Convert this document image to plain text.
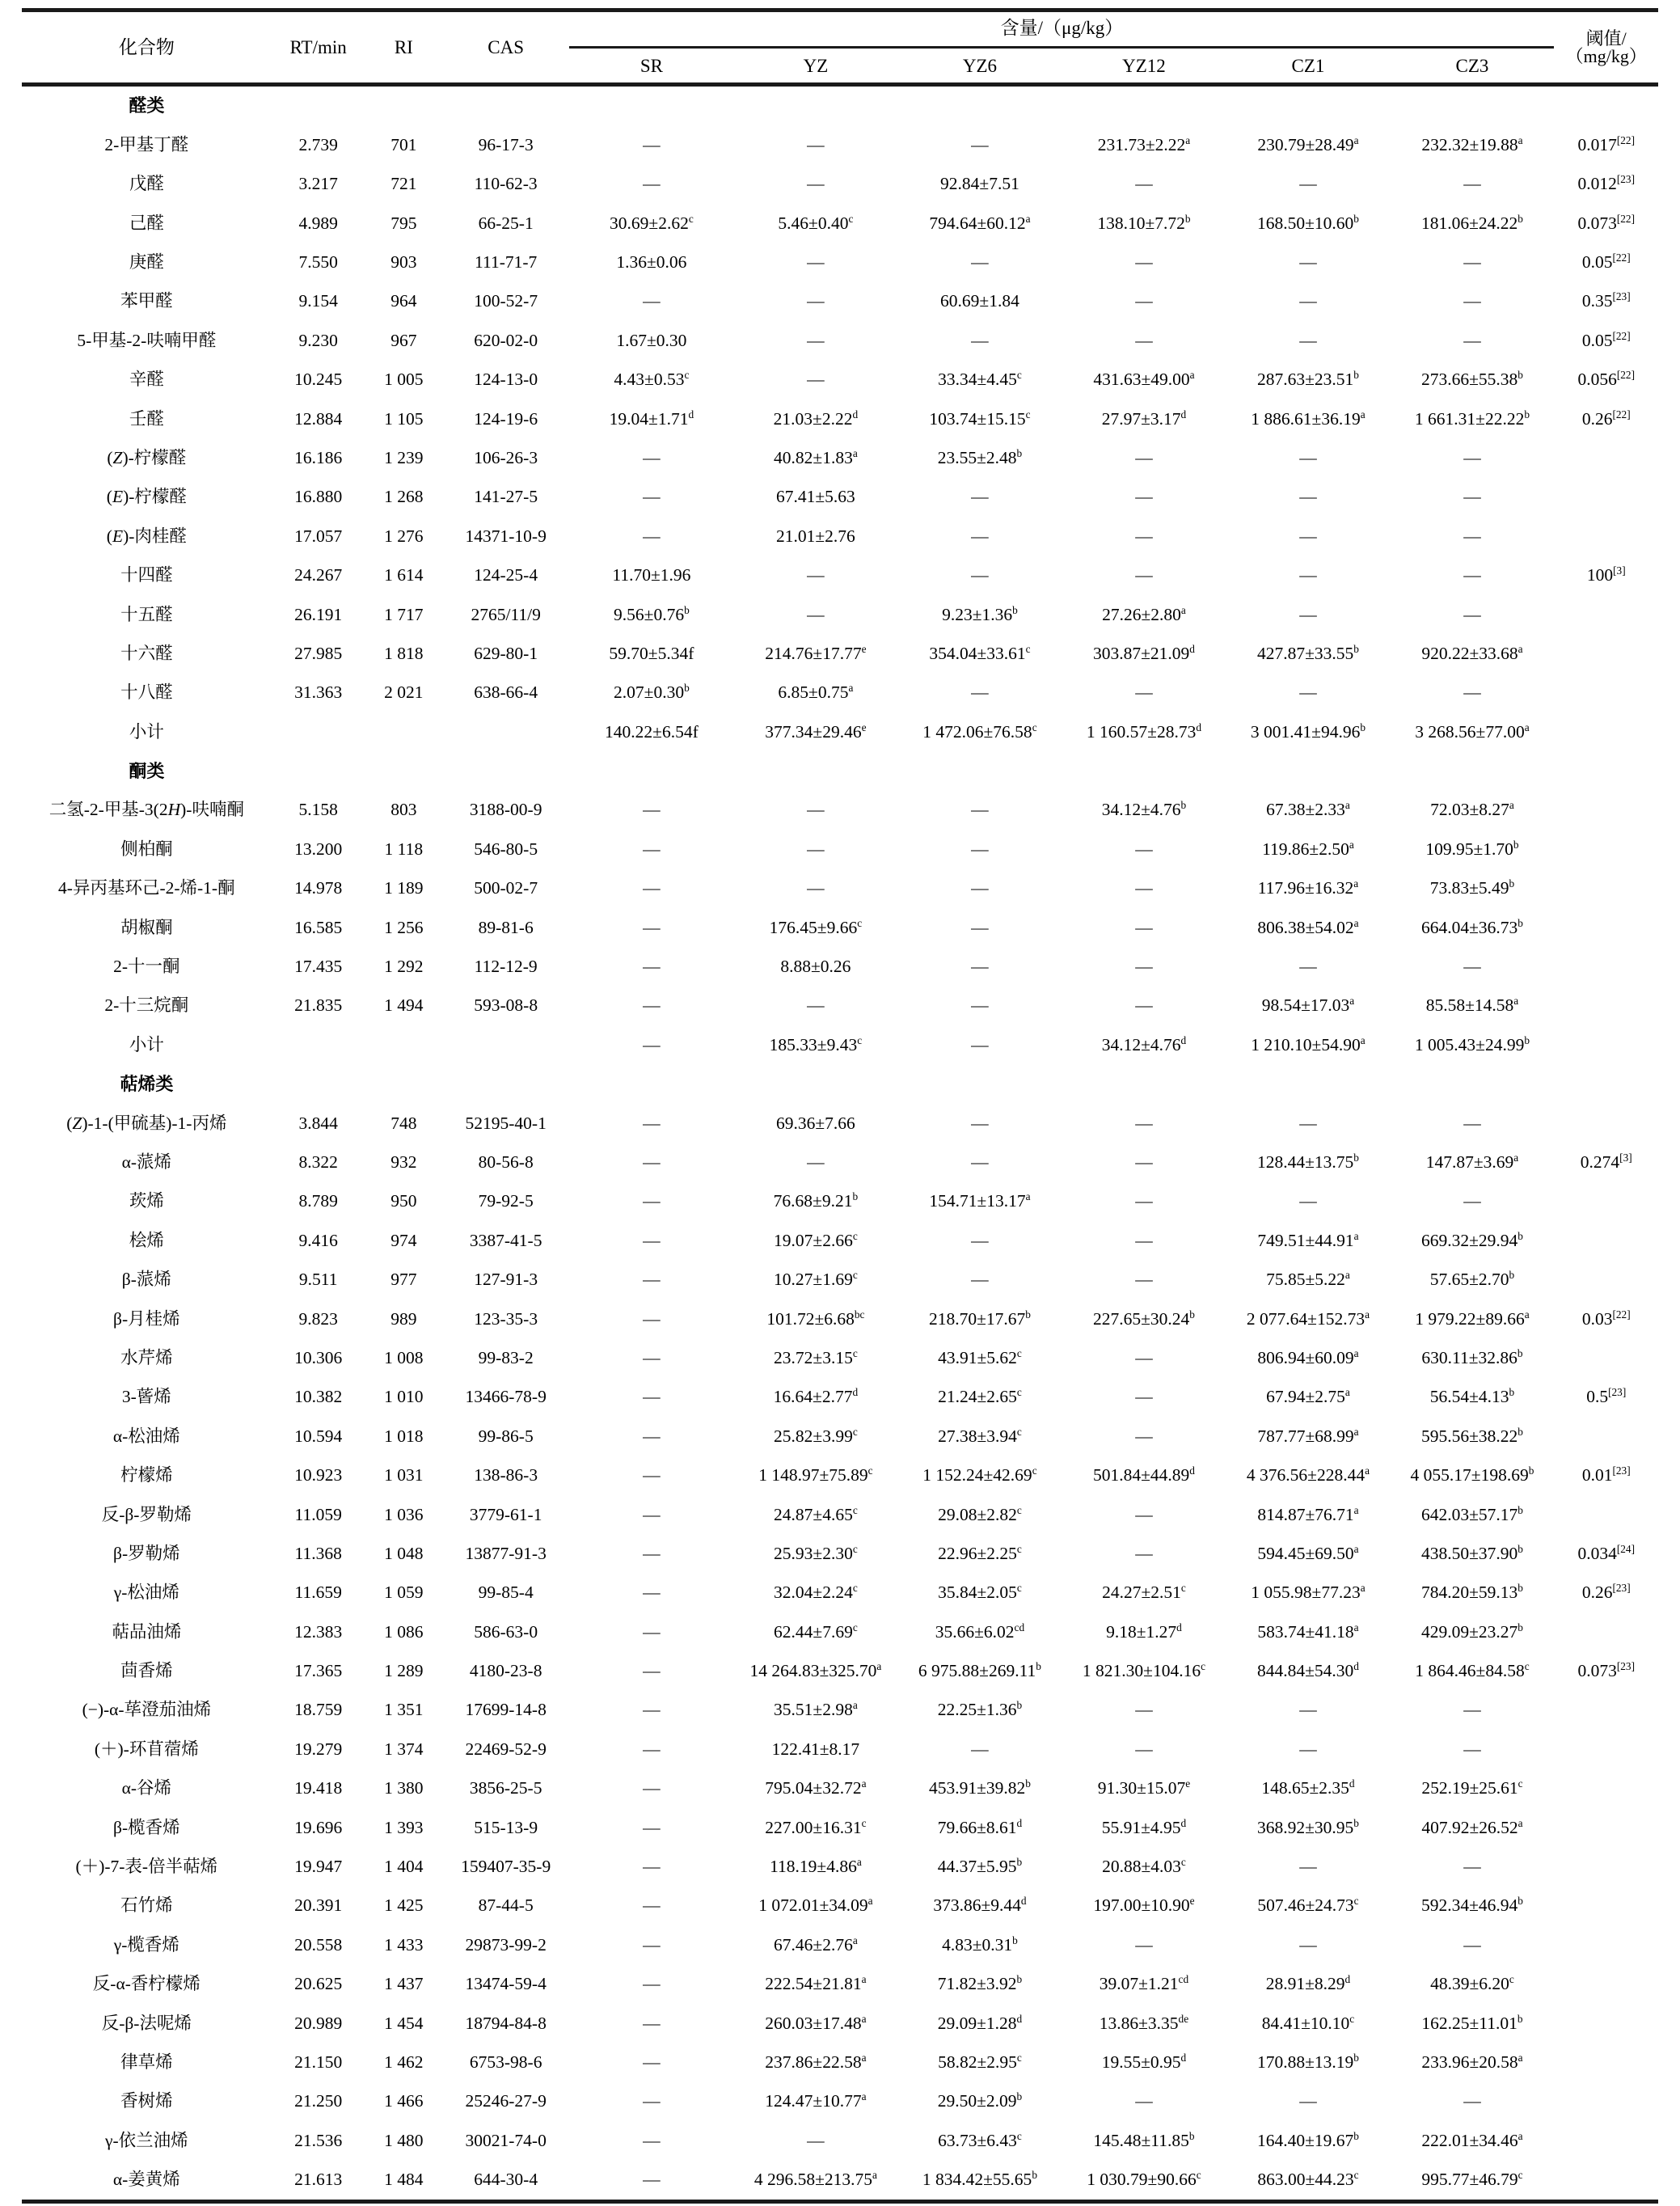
化合物	RT/min	RI	CAS	含量/（μg/kg）						阈值/
（mg/kg）

				SR	YZ	YZ6	YZ12	CZ1	CZ3	

醛类										
2-甲基丁醛	2.739	701	96-17-3	—	—	—	231.73±2.22$^a$	230.79±28.49$^a$	232.32±19.88$^a$	0.017[22]
戊醛	3.217	721	110-62-3	—	—	92.84±7.51	—	—	—	0.012[23]
己醛	4.989	795	66-25-1	30.69±2.62$^c$	5.46±0.40$^c$	794.64±60.12$^a$	138.10±7.72$^b$	168.50±10.60$^b$	181.06±24.22$^b$	0.073[22]
庚醛	7.550	903	111-71-7	1.36±0.06	—	—	—	—	—	0.05[22]
苯甲醛	9.154	964	100-52-7	—	—	60.69±1.84	—	—	—	0.35[23]
5-甲基-2-呋喃甲醛	9.230	967	620-02-0	1.67±0.30	—	—	—	—	—	0.05[22]
辛醛	10.245	1 005	124-13-0	4.43±0.53$^c$	—	33.34±4.45$^c$	431.63±49.00$^a$	287.63±23.51$^b$	273.66±55.38$^b$	0.056[22]
壬醛	12.884	1 105	124-19-6	19.04±1.71$^d$	21.03±2.22$^d$	103.74±15.15$^c$	27.97±3.17$^d$	1 886.61±36.19$^a$	1 661.31±22.22$^b$	0.26[22]
(Z)-柠檬醛	16.186	1 239	106-26-3	—	40.82±1.83$^a$	23.55±2.48$^b$	—	—	—	
(E)-柠檬醛	16.880	1 268	141-27-5	—	67.41±5.63	—	—	—	—	
(E)-肉桂醛	17.057	1 276	14371-10-9	—	21.01±2.76	—	—	—	—	
十四醛	24.267	1 614	124-25-4	11.70±1.96	—	—	—	—	—	100[3]
十五醛	26.191	1 717	2765/11/9	9.56±0.76$^b$	—	9.23±1.36$^b$	27.26±2.80$^a$	—	—	
十六醛	27.985	1 818	629-80-1	59.70±5.34f	214.76±17.77$^e$	354.04±33.61$^c$	303.87±21.09$^d$	427.87±33.55$^b$	920.22±33.68$^a$	
十八醛	31.363	2 021	638-66-4	2.07±0.30$^b$	6.85±0.75$^a$	—	—	—	—	
小计				140.22±6.54f	377.34±29.46$^e$	1 472.06±76.58$^c$	1 160.57±28.73$^d$	3 001.41±94.96$^b$	3 268.56±77.00$^a$	
酮类										
二氢-2-甲基-3(2H)-呋喃酮	5.158	803	3188-00-9	—	—	—	34.12±4.76$^b$	67.38±2.33$^a$	72.03±8.27$^a$	
侧柏酮	13.200	1 118	546-80-5	—	—	—	—	119.86±2.50$^a$	109.95±1.70$^b$	
4-异丙基环己-2-烯-1-酮	14.978	1 189	500-02-7	—	—	—	—	117.96±16.32$^a$	73.83±5.49$^b$	
胡椒酮	16.585	1 256	89-81-6	—	176.45±9.66$^c$	—	—	806.38±54.02$^a$	664.04±36.73$^b$	
2-十一酮	17.435	1 292	112-12-9	—	8.88±0.26	—	—	—	—	
2-十三烷酮	21.835	1 494	593-08-8	—	—	—	—	98.54±17.03$^a$	85.58±14.58$^a$	
小计				—	185.33±9.43$^c$	—	34.12±4.76$^d$	1 210.10±54.90$^a$	1 005.43±24.99$^b$	
萜烯类										
(Z)-1-(甲硫基)-1-丙烯	3.844	748	52195-40-1	—	69.36±7.66	—	—	—	—	
α-蒎烯	8.322	932	80-56-8	—	—	—	—	128.44±13.75$^b$	147.87±3.69$^a$	0.274[3]
莰烯	8.789	950	79-92-5	—	76.68±9.21$^b$	154.71±13.17$^a$	—	—	—	
桧烯	9.416	974	3387-41-5	—	19.07±2.66$^c$	—	—	749.51±44.91$^a$	669.32±29.94$^b$	
β-蒎烯	9.511	977	127-91-3	—	10.27±1.69$^c$	—	—	75.85±5.22$^a$	57.65±2.70$^b$	
β-月桂烯	9.823	989	123-35-3	—	101.72±6.68$^{bc}$	218.70±17.67$^b$	227.65±30.24$^b$	2 077.64±152.73$^a$	1 979.22±89.66$^a$	0.03[22]
水芹烯	10.306	1 008	99-83-2	—	23.72±3.15$^c$	43.91±5.62$^c$	—	806.94±60.09$^a$	630.11±32.86$^b$	
3-蒈烯	10.382	1 010	13466-78-9	—	16.64±2.77$^d$	21.24±2.65$^c$	—	67.94±2.75$^a$	56.54±4.13$^b$	0.5[23]
α-松油烯	10.594	1 018	99-86-5	—	25.82±3.99$^c$	27.38±3.94$^c$	—	787.77±68.99$^a$	595.56±38.22$^b$	
柠檬烯	10.923	1 031	138-86-3	—	1 148.97±75.89$^c$	1 152.24±42.69$^c$	501.84±44.89$^d$	4 376.56±228.44$^a$	4 055.17±198.69$^b$	0.01[23]
反-β-罗勒烯	11.059	1 036	3779-61-1	—	24.87±4.65$^c$	29.08±2.82$^c$	—	814.87±76.71$^a$	642.03±57.17$^b$	
β-罗勒烯	11.368	1 048	13877-91-3	—	25.93±2.30$^c$	22.96±2.25$^c$	—	594.45±69.50$^a$	438.50±37.90$^b$	0.034[24]
γ-松油烯	11.659	1 059	99-85-4	—	32.04±2.24$^c$	35.84±2.05$^c$	24.27±2.51$^c$	1 055.98±77.23$^a$	784.20±59.13$^b$	0.26[23]
萜品油烯	12.383	1 086	586-63-0	—	62.44±7.69$^c$	35.66±6.02$^{cd}$	9.18±1.27$^d$	583.74±41.18$^a$	429.09±23.27$^b$	
茴香烯	17.365	1 289	4180-23-8	—	14 264.83±325.70$^a$	6 975.88±269.11$^b$	1 821.30±104.16$^c$	844.84±54.30$^d$	1 864.46±84.58$^c$	0.073[23]
(−)-α-荜澄茄油烯	18.759	1 351	17699-14-8	—	35.51±2.98$^a$	22.25±1.36$^b$	—	—	—	
(＋)-环苜蓿烯	19.279	1 374	22469-52-9	—	122.41±8.17	—	—	—	—	
α-谷烯	19.418	1 380	3856-25-5	—	795.04±32.72$^a$	453.91±39.82$^b$	91.30±15.07$^e$	148.65±2.35$^d$	252.19±25.61$^c$	
β-榄香烯	19.696	1 393	515-13-9	—	227.00±16.31$^c$	79.66±8.61$^d$	55.91±4.95$^d$	368.92±30.95$^b$	407.92±26.52$^a$	
(＋)-7-表-倍半萜烯	19.947	1 404	159407-35-9	—	118.19±4.86$^a$	44.37±5.95$^b$	20.88±4.03$^c$	—	—	
石竹烯	20.391	1 425	87-44-5	—	1 072.01±34.09$^a$	373.86±9.44$^d$	197.00±10.90$^e$	507.46±24.73$^c$	592.34±46.94$^b$	
γ-榄香烯	20.558	1 433	29873-99-2	—	67.46±2.76$^a$	4.83±0.31$^b$	—	—	—	
反-α-香柠檬烯	20.625	1 437	13474-59-4	—	222.54±21.81$^a$	71.82±3.92$^b$	39.07±1.21$^{cd}$	28.91±8.29$^d$	48.39±6.20$^c$	
反-β-法呢烯	20.989	1 454	18794-84-8	—	260.03±17.48$^a$	29.09±1.28$^d$	13.86±3.35de	84.41±10.10$^c$	162.25±11.01$^b$	
律草烯	21.150	1 462	6753-98-6	—	237.86±22.58$^a$	58.82±2.95$^c$	19.55±0.95$^d$	170.88±13.19$^b$	233.96±20.58$^a$	
香树烯	21.250	1 466	25246-27-9	—	124.47±10.77$^a$	29.50±2.09$^b$	—	—	—	
γ-依兰油烯	21.536	1 480	30021-74-0	—	—	63.73±6.43$^c$	145.48±11.85$^b$	164.40±19.67$^b$	222.01±34.46$^a$	
α-姜黄烯	21.613	1 484	644-30-4	—	4 296.58±213.75$^a$	1 834.42±55.65$^b$	1 030.79±90.66$^c$	863.00±44.23$^c$	995.77±46.79$^c$	
